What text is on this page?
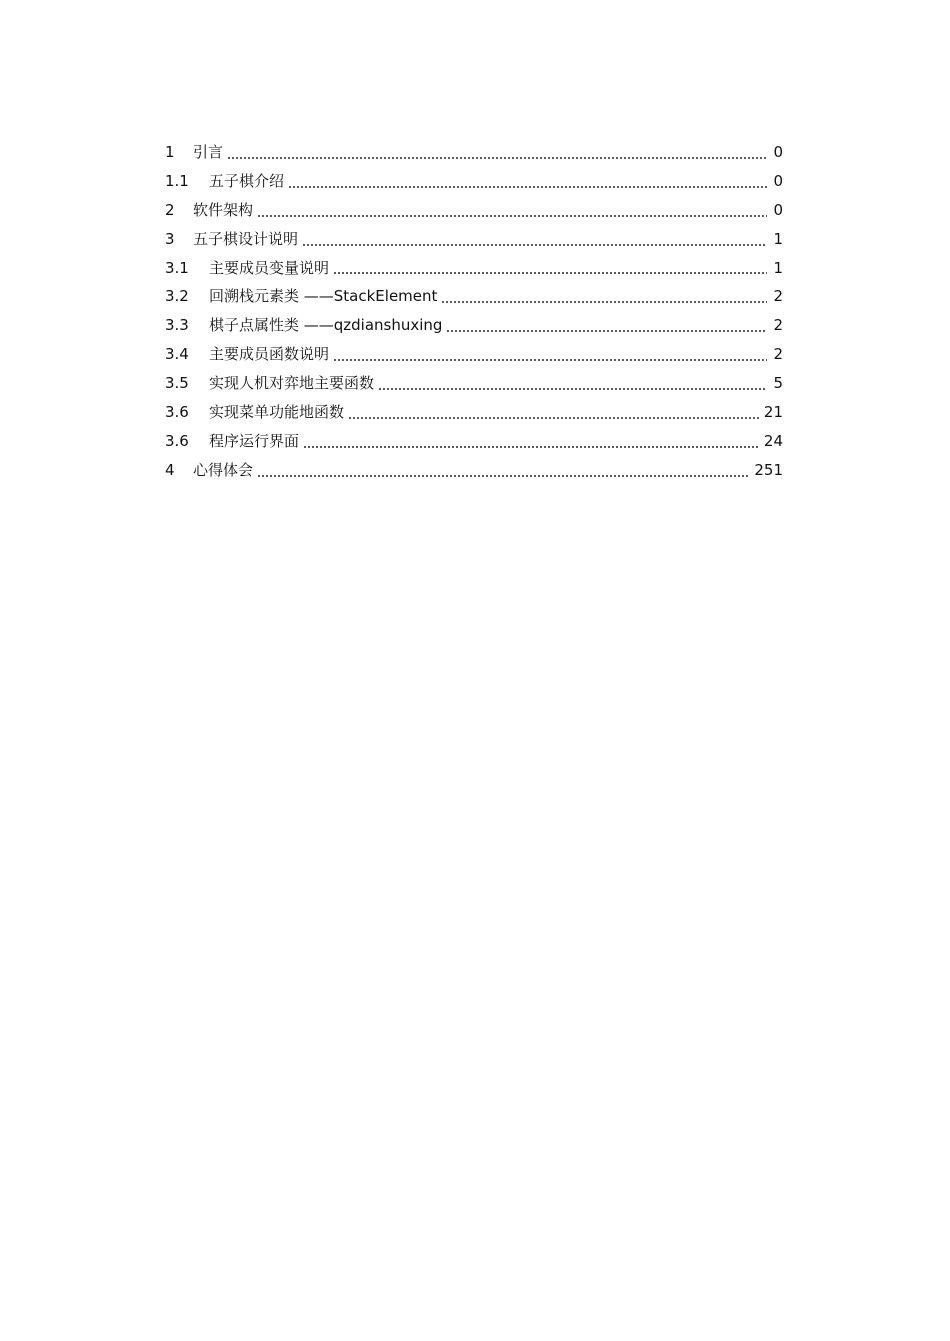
1	引言	0
1.1	五子棋介绍	0
2	软件架构	0
3	五子棋设计说明	1
3.1	主要成员变量说明	1
3.2	回溯栈元素类 ——StackElement	2
3.3	棋子点属性类 ——qzdianshuxing	2
3.4	主要成员函数说明	2
3.5	实现人机对弈地主要函数	5
3.6	实现菜单功能地函数	21
3.6	程序运行界面	24
4	心得体会	251
